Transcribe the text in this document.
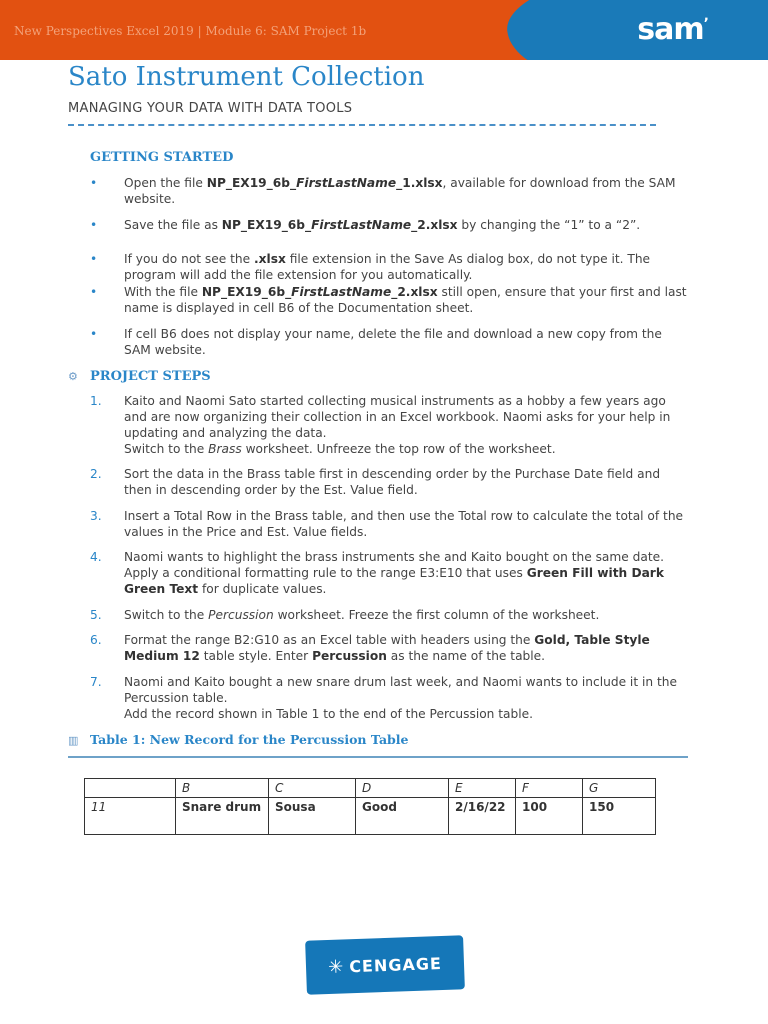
New Perspectives Excel 2019 | Module 6: SAM Project 1b	sam$^ʼ$
Sato Instrument Collection
MANAGING YOUR DATA WITH DATA TOOLS
GETTING STARTED
• Open the file NP_EX19_6b_FirstLastName_1.xlsx, available for download from the SAM website.
• Save the file as NP_EX19_6b_FirstLastName_2.xlsx by changing the “1” to a “2”.
• If you do not see the .xlsx file extension in the Save As dialog box, do not type it. The program will add the file extension for you automatically.
• With the file NP_EX19_6b_FirstLastName_2.xlsx still open, ensure that your first and last name is displayed in cell B6 of the Documentation sheet.
• If cell B6 does not display your name, delete the file and download a new copy from the SAM website.
⚙ PROJECT STEPS
1. Kaito and Naomi Sato started collecting musical instruments as a hobby a few years ago and are now organizing their collection in an Excel workbook. Naomi asks for your help in updating and analyzing the data.
Switch to the Brass worksheet. Unfreeze the top row of the worksheet.
2. Sort the data in the Brass table first in descending order by the Purchase Date field and then in descending order by the Est. Value field.
3. Insert a Total Row in the Brass table, and then use the Total row to calculate the total of the values in the Price and Est. Value fields.
4. Naomi wants to highlight the brass instruments she and Kaito bought on the same date. Apply a conditional formatting rule to the range E3:E10 that uses Green Fill with Dark Green Text for duplicate values.
5. Switch to the Percussion worksheet. Freeze the first column of the worksheet.
6. Format the range B2:G10 as an Excel table with headers using the Gold, Table Style Medium 12 table style. Enter Percussion as the name of the table.
7. Naomi and Kaito bought a new snare drum last week, and Naomi wants to include it in the Percussion table.
Add the record shown in Table 1 to the end of the Percussion table.
▥ Table 1: New Record for the Percussion Table
	B	C	D	E	F	G
11	Snare drum	Sousa	Good	2/16/22	100	150
✳ CENGAGE
